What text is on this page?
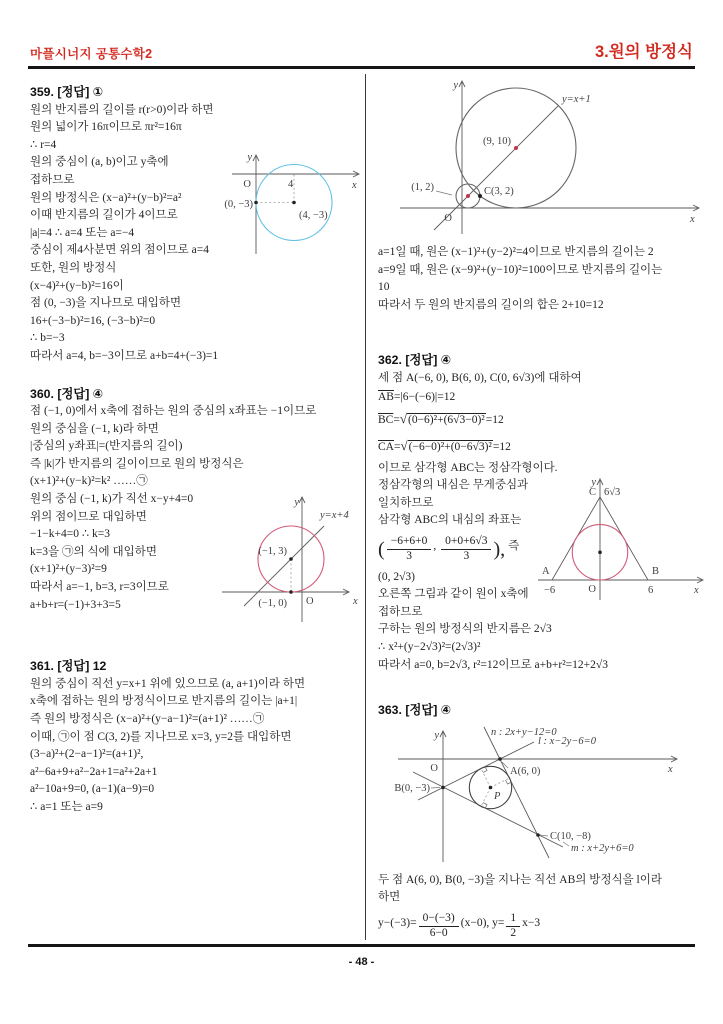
마플시너지 공통수학2	3.원의 방정식
- 48 -
359. [정답] ①
원의 반지름의 길이를 r(r>0)이라 하면
원의 넓이가 16π이므로 πr²=16π
∴ r=4
원의 중심이 (a, b)이고 y축에
접하므로
원의 방정식은 (x−a)²+(y−b)²=a²
이때 반지름의 길이가 4이므로
|a|=4 ∴ a=4 또는 a=−4
중심이 제4사분면 위의 점이므로 a=4
또한, 원의 방정식
(x−4)²+(y−b)²=16이
점 (0, −3)을 지나므로 대입하면
16+(−3−b)²=16, (−3−b)²=0
∴ b=−3
따라서 a=4, b=−3이므로 a+b=4+(−3)=1
y
x
O	4
(0, −3)
(4, −3)
360. [정답] ④
점 (−1, 0)에서 x축에 접하는 원의 중심의 x좌표는 −1이므로
원의 중심을 (−1, k)라 하면
|중심의 y좌표|=(반지름의 길이)
즉 |k|가 반지름의 길이이므로 원의 방정식은
(x+1)²+(y−k)²=k² ……㉠
원의 중심 (−1, k)가 직선 x−y+4=0
위의 점이므로 대입하면
−1−k+4=0 ∴ k=3
k=3을 ㉠의 식에 대입하면
(x+1)²+(y−3)²=9
따라서 a=−1, b=3, r=3이므로
a+b+r=(−1)+3+3=5
y
x
y=x+4
(−1, 3)
(−1, 0) O
361. [정답] 12
원의 중심이 직선 y=x+1 위에 있으므로 (a, a+1)이라 하면
x축에 접하는 원의 방정식이므로 반지름의 길이는 |a+1|
즉 원의 방정식은 (x−a)²+(y−a−1)²=(a+1)² ……㉠
이때, ㉠이 점 C(3, 2)를 지나므로 x=3, y=2를 대입하면
(3−a)²+(2−a−1)²=(a+1)²,
a²−6a+9+a²−2a+1=a²+2a+1
a²−10a+9=0, (a−1)(a−9)=0
∴ a=1 또는 a=9
y
x
y=x+1
(9, 10)
(1, 2)	C(3, 2)
O
a=1일 때, 원은 (x−1)²+(y−2)²=4이므로 반지름의 길이는 2
a=9일 때, 원은 (x−9)²+(y−10)²=100이므로 반지름의 길이는
10
따라서 두 원의 반지름의 길이의 합은 2+10=12
362. [정답] ④
세 점 A(−6, 0), B(6, 0), C(0, 6√3)에 대하여
$\overline{AB}=|6-(-6)|=12$
$\overline{BC}=√(0-6)^2+(6√3-0)^2=12$
$\overline{CA}=√(-6-0)^2+(0-6√3)^2=12$
이므로 삼각형 ABC는 정삼각형이다.
정삼각형의 내심은 무게중심과
일치하므로
삼각형 ABC의 내심의 좌표는
( $\frac{-6+6+0}{3}$ , $\frac{0+0+6√3}{3}$ ), 즉
(0, 2√3)
오른쪽 그림과 같이 원이 x축에
접하므로
구하는 원의 방정식의 반지름은 2√3
∴ x²+(y−2√3)²=(2√3)²
따라서 a=0, b=2√3, r²=12이므로 a+b+r²=12+2√3
y
x
C 6√3
A
−6
B
6
O
363. [정답] ④
y
x
n : 2x+y−12=0
l : x−2y−6=0
m : x+2y+6=0
A(6, 0)
B(0, −3)
C(10, −8)
P
O
두 점 A(6, 0), B(0, −3)을 지나는 직선 AB의 방정식을 l이라
하면
$y-(-3)= \frac{0-(-3)}{6-0} (x-0)$, $y= \frac{1}{2} x-3$
